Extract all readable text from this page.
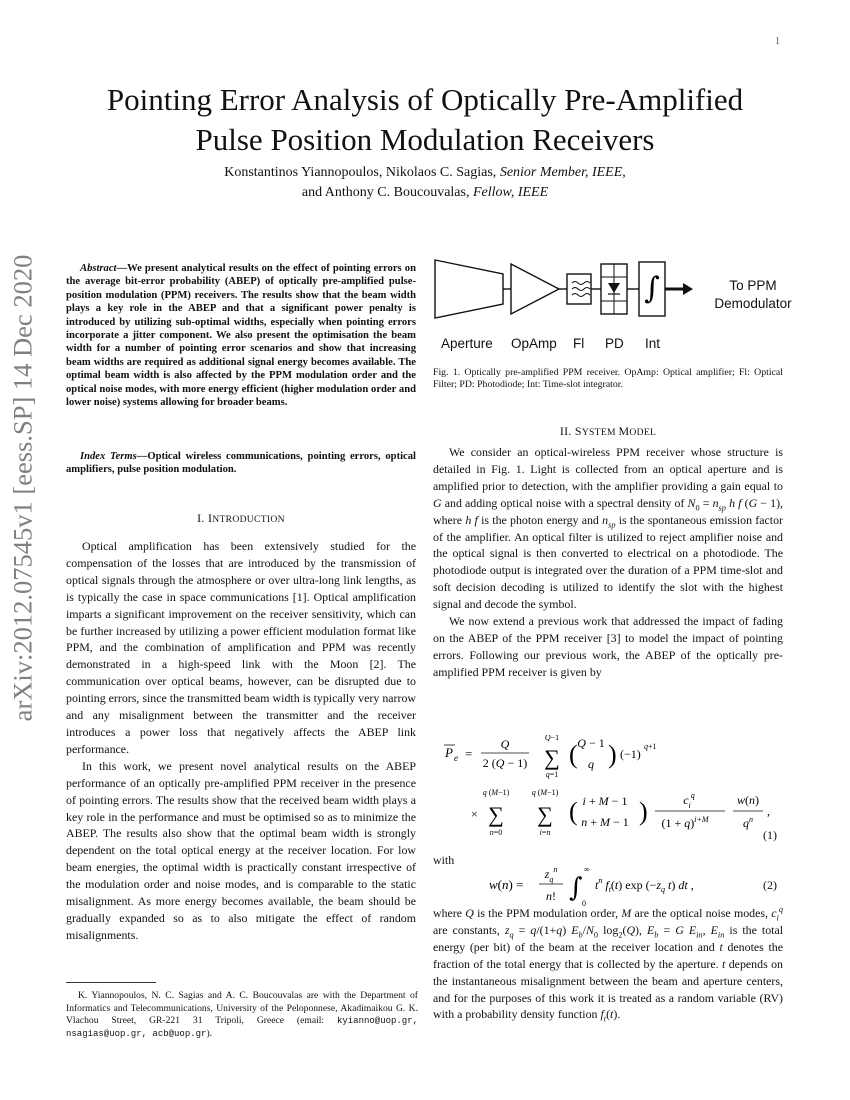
1
arXiv:2012.07545v1 [eess.SP] 14 Dec 2020
Pointing Error Analysis of Optically Pre-Amplified
Pulse Position Modulation Receivers
Konstantinos Yiannopoulos, Nikolaos C. Sagias, Senior Member, IEEE,
and Anthony C. Boucouvalas, Fellow, IEEE
Abstract—We present analytical results on the effect of pointing errors on the average bit-error probability (ABEP) of optically pre-amplified pulse-position modulation (PPM) receivers. The results show that the beam width plays a key role in the ABEP and that a significant power penalty is introduced by utilizing sub-optimal widths, especially when pointing errors incorporate a jitter component. We also present the optimisation the beam width for a number of pointing error scenarios and show that increasing beam widths are required as additional signal energy becomes available. The optimal beam width is also affected by the PPM modulation order and the optical noise modes, with more energy efficient (higher modulation order and lower noise) systems allowing for broader beams.
Index Terms—Optical wireless communications, pointing errors, optical amplifiers, pulse position modulation.
I. INTRODUCTION

Optical amplification has been extensively studied for the compensation of the losses that are introduced by the transmission of optical signals through the atmosphere or over ultra-long link lengths, as is typically the case in space communications [1]. Optical amplification imparts a significant improvement on the receiver sensitivity, which can be further increased by utilizing a power efficient modulation format like PPM, and the combination of amplification and PPM was recently demonstrated in a high-speed link with the Moon [2]. The communication over optical beams, however, can be disrupted due to pointing errors, since the transmitted beam width is typically very narrow and any misalignment between the transmitter and the receiver introduces a power loss that negatively affects the ABEP link performance.

In this work, we present novel analytical results on the ABEP performance of an optically pre-amplified PPM receiver in the presence of pointing errors. The results show that the received beam width plays a key role in the performance and must be optimised so as to minimize the ABEP. The results also show that the optimal beam width is strongly dependent on the total optical energy at the receiver location. For low beam energies, the optimal width is practically constant irrespective of the modulation order and noise modes, and is comparable to the static misalignment. As more energy becomes available, the beam should be gradually expanded so as to also mitigate the effect of random misalignments.

K. Yiannopoulos, N. C. Sagias and A. C. Boucouvalas are with the Department of Informatics and Telecommunications, University of the Peloponnese, Akadimaikou G. K. Vlachou Street, GR-221 31 Tripoli, Greece (email: kyianno@uop.gr, nsagias@uop.gr, acb@uop.gr).
∫
Aperture OpAmp Fl PD Int
To PPM
Demodulator
Fig. 1. Optically pre-amplified PPM receiver. OpAmp: Optical amplifier; Fl: Optical Filter; PD: Photodiode; Int: Time-slot integrator.
II. SYSTEM MODEL

We consider an optical-wireless PPM receiver whose structure is detailed in Fig. 1. Light is collected from an optical aperture and is amplified prior to detection, with the amplifier providing a gain equal to G and adding optical noise with a spectral density of $N_0 = n_{sp}$ h f (G − 1), where h f is the photon energy and $n_{sp}$ is the spontaneous emission factor of the amplifier. An optical filter is utilized to reject amplifier noise and the optical signal is then converted to electrical on a photodiode. The photodiode output is integrated over the duration of a PPM time-slot and soft decision decoding is utilized to identify the slot with the highest signal and decode the symbol.

We now extend a previous work that addressed the impact of fading on the ABEP of the PPM receiver [3] to model the impact of pointing errors. Following our previous work, the ABEP of the optically pre-amplified PPM receiver is given by

P e =
Q
2 (Q − 1)
Q−1
∑
q=1
( Q − 1
q ) (−1)
q+1
×
q (M−1)
∑
n=0
q (M−1)
∑
i=n
( i + M − 1
n + M − 1 )	$c_i^q$
$(1 + q)^{i+M}$
w(n)
$q^n$
,
(1)
with
w(n) =
$z_q^n$
n! ∫
∞
0
$t^n$ $f_t(t)$ $\exp (-z_q$ t) dt ,	(2)
where Q is the PPM modulation order, M are the optical noise modes, $c_i^q$ are constants, $z_q = q/(1+q)$ $E_b/N_0$ $\log_2(Q)$, $E_b = G$ $E_{in}$, $E_{in}$ is the total energy (per bit) of the beam at the receiver location and t denotes the fraction of the total energy that is collected by the aperture. t depends on the instantaneous misalignment between the beam and aperture centers, and for the purposes of this work it is treated as a random variable (RV) with a probability density function $f_t(t)$.
